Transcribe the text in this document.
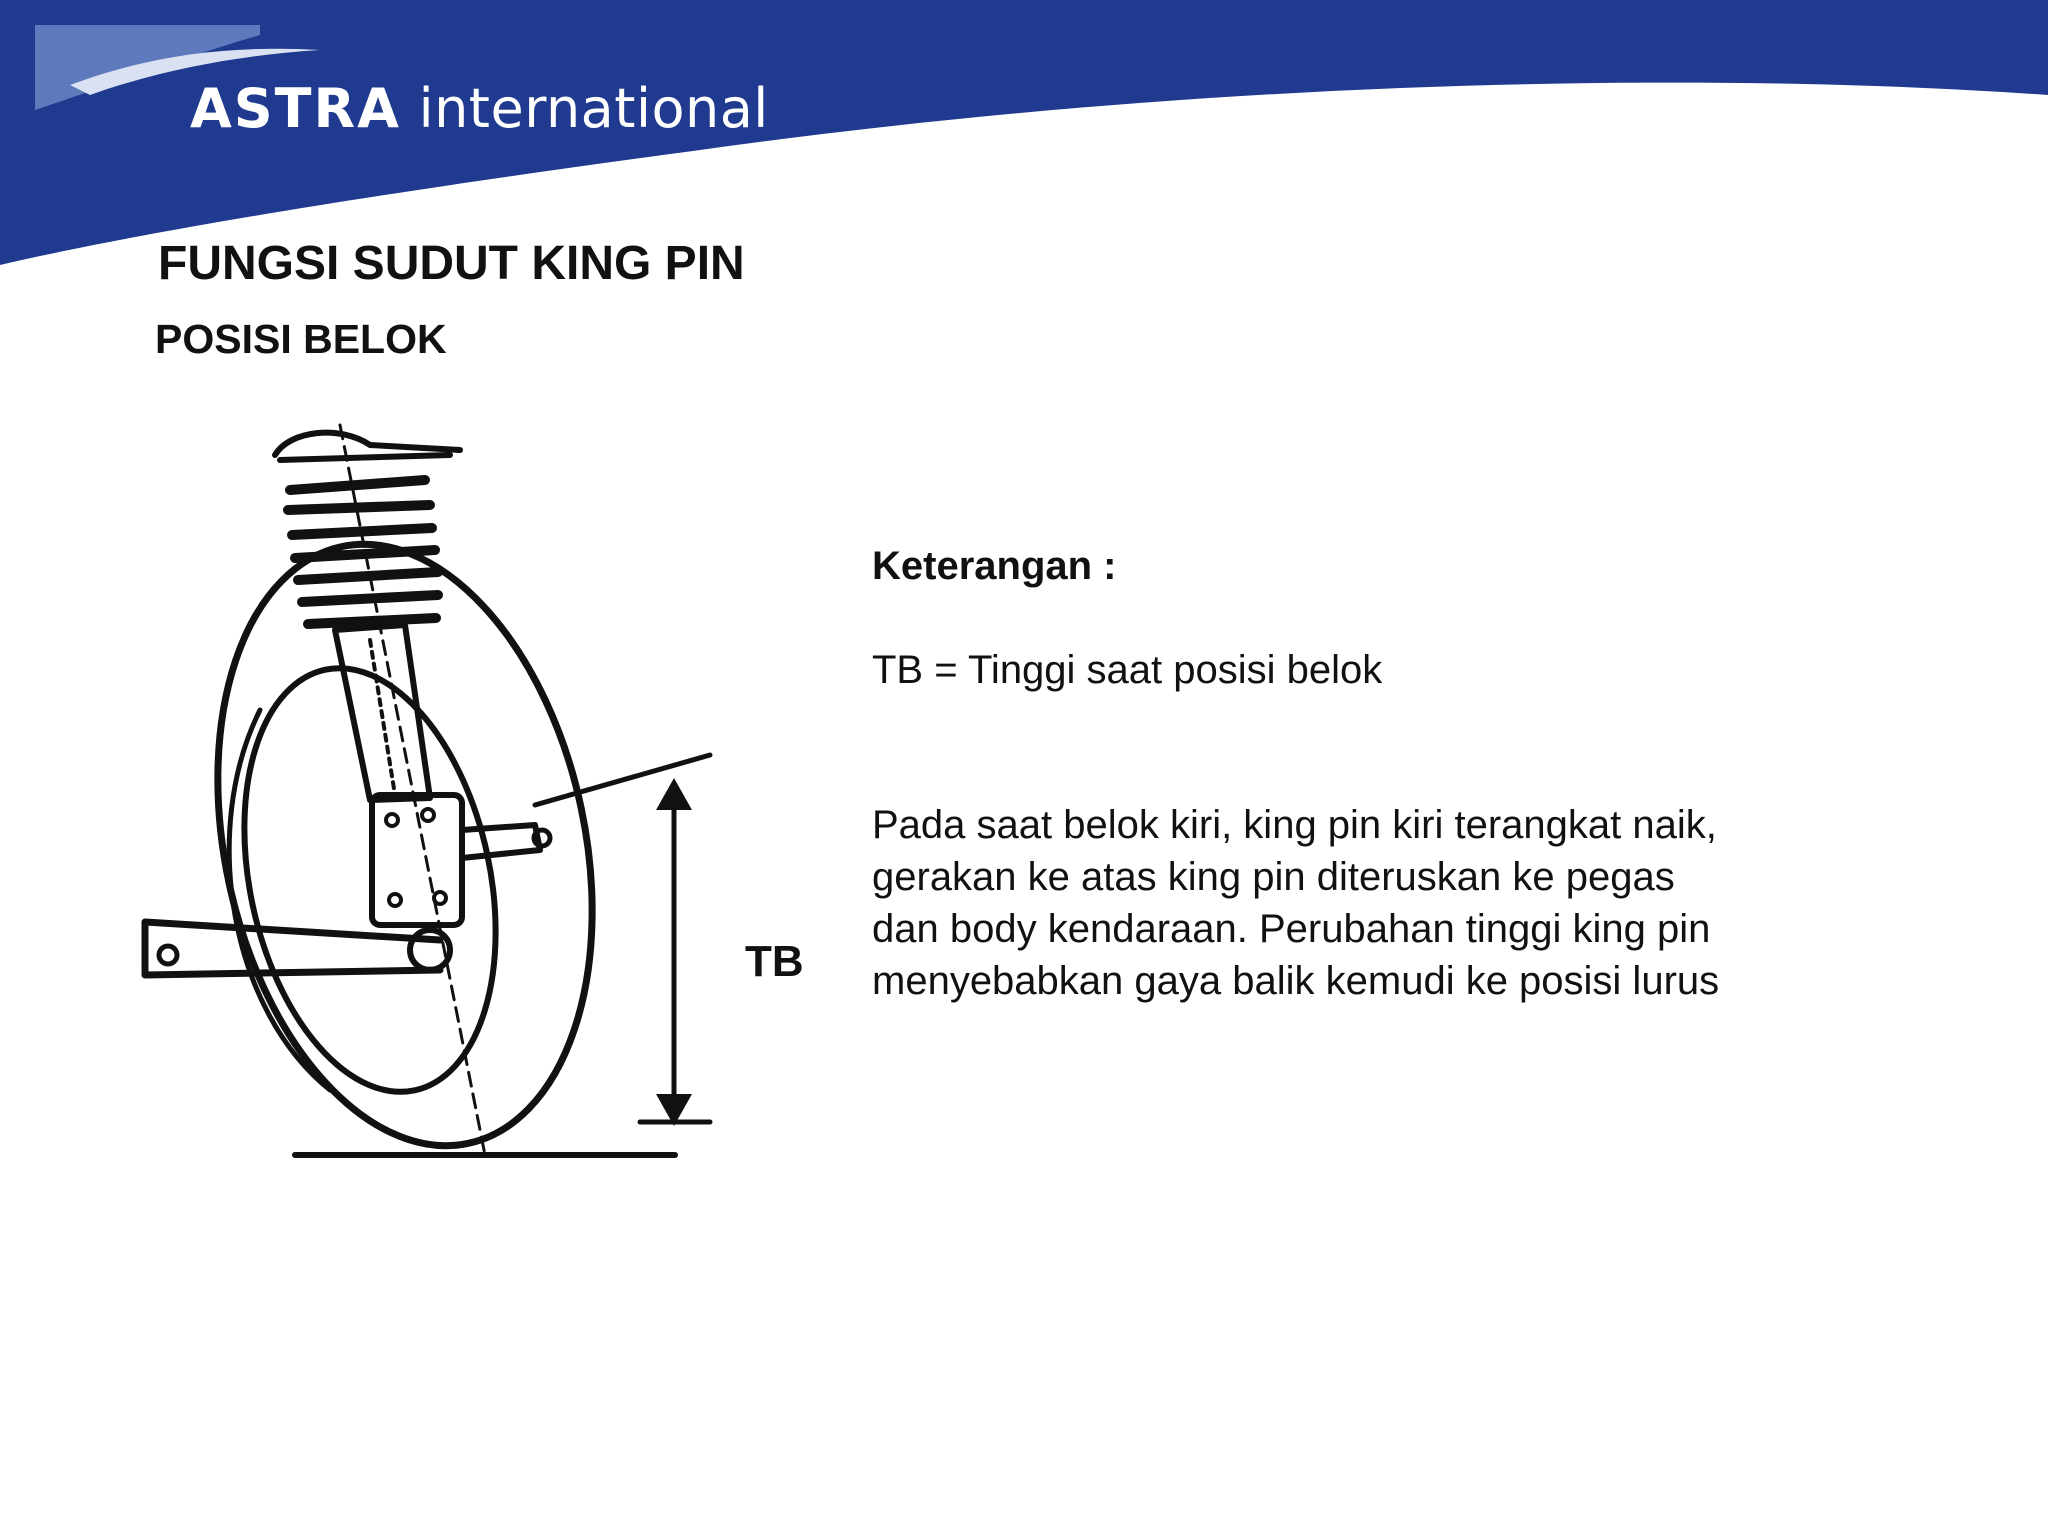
ASTRA international
FUNGSI SUDUT KING PIN
POSISI BELOK
TB

Keterangan :

TB = Tinggi saat posisi belok

Pada saat belok kiri, king pin kiri terangkat naik,
gerakan ke atas king pin diteruskan ke pegas
dan body kendaraan. Perubahan tinggi king pin
menyebabkan gaya balik kemudi ke posisi lurus
